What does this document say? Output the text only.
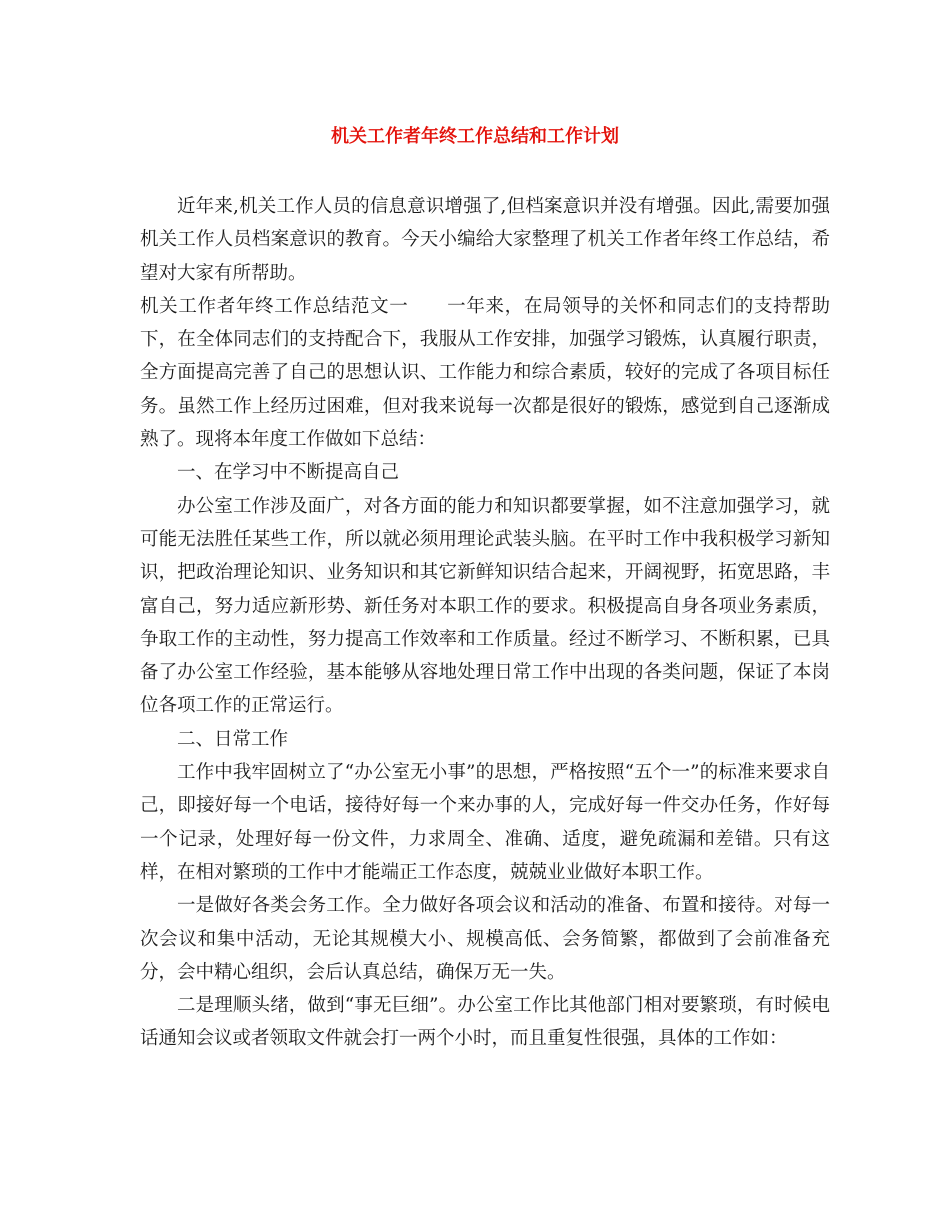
机关工作者年终工作总结和工作计划

近年来,机关工作人员的信息意识增强了,但档案意识并没有增强。因此,需要加强机关工作人员档案意识的教育。今天小编给大家整理了机关工作者年终工作总结，希望对大家有所帮助。

机关工作者年终工作总结范文一 一年来，在局领导的关怀和同志们的支持帮助下，在全体同志们的支持配合下，我服从工作安排，加强学习锻炼，认真履行职责，全方面提高完善了自己的思想认识、工作能力和综合素质，较好的完成了各项目标任务。虽然工作上经历过困难，但对我来说每一次都是很好的锻炼，感觉到自己逐渐成熟了。现将本年度工作做如下总结：

一、在学习中不断提高自己

办公室工作涉及面广，对各方面的能力和知识都要掌握，如不注意加强学习，就可能无法胜任某些工作，所以就必须用理论武装头脑。在平时工作中我积极学习新知识，把政治理论知识、业务知识和其它新鲜知识结合起来，开阔视野，拓宽思路，丰富自己，努力适应新形势、新任务对本职工作的要求。积极提高自身各项业务素质，争取工作的主动性，努力提高工作效率和工作质量。经过不断学习、不断积累，已具备了办公室工作经验，基本能够从容地处理日常工作中出现的各类问题，保证了本岗位各项工作的正常运行。

二、日常工作

工作中我牢固树立了“办公室无小事”的思想，严格按照“五个一”的标准来要求自己，即接好每一个电话，接待好每一个来办事的人，完成好每一件交办任务，作好每一个记录，处理好每一份文件，力求周全、准确、适度，避免疏漏和差错。只有这样，在相对繁琐的工作中才能端正工作态度，兢兢业业做好本职工作。

一是做好各类会务工作。全力做好各项会议和活动的准备、布置和接待。对每一次会议和集中活动，无论其规模大小、规模高低、会务简繁，都做到了会前准备充分，会中精心组织，会后认真总结，确保万无一失。

二是理顺头绪，做到“事无巨细”。办公室工作比其他部门相对要繁琐，有时候电话通知会议或者领取文件就会打一两个小时，而且重复性很强，具体的工作如：
